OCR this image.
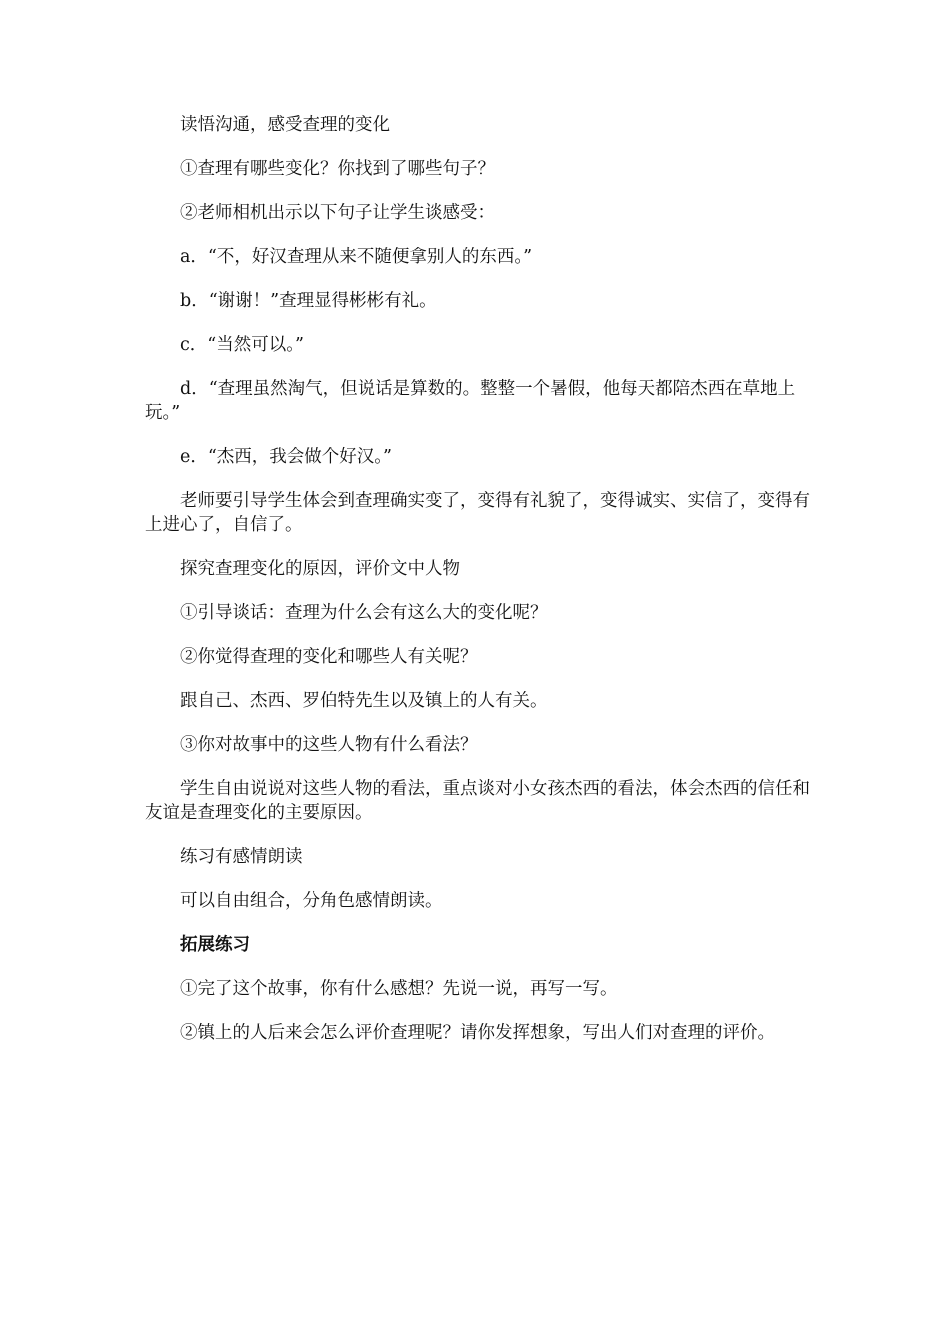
读悟沟通，感受查理的变化

①查理有哪些变化？你找到了哪些句子？

②老师相机出示以下句子让学生谈感受：

a．“不，好汉查理从来不随便拿别人的东西。”

b．“谢谢！”查理显得彬彬有礼。

c．“当然可以。”

d．“查理虽然淘气，但说话是算数的。整整一个暑假，他每天都陪杰西在草地上玩。”

e．“杰西，我会做个好汉。”

老师要引导学生体会到查理确实变了，变得有礼貌了，变得诚实、实信了，变得有上进心了，自信了。

探究查理变化的原因，评价文中人物

①引导谈话：查理为什么会有这么大的变化呢？

②你觉得查理的变化和哪些人有关呢？

跟自己、杰西、罗伯特先生以及镇上的人有关。

③你对故事中的这些人物有什么看法？

学生自由说说对这些人物的看法，重点谈对小女孩杰西的看法，体会杰西的信任和友谊是查理变化的主要原因。

练习有感情朗读

可以自由组合，分角色感情朗读。

拓展练习

①完了这个故事，你有什么感想？先说一说，再写一写。

②镇上的人后来会怎么评价查理呢？请你发挥想象，写出人们对查理的评价。
